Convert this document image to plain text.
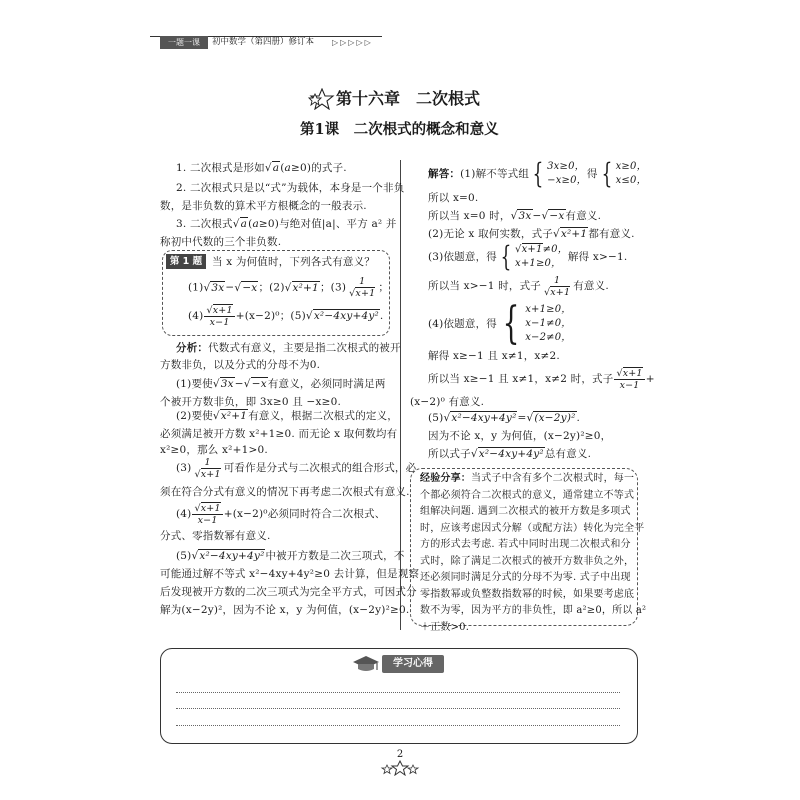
一题一课	初中数学（第四册）修订本 ▷▷▷▷▷
第十六章　二次根式
第1课　二次根式的概念和意义
1. 二次根式是形如√a(a≥0)的式子.
2. 二次根式只是以“式”为载体，本身是一个非负
数，是非负数的算术平方根概念的一般表示.
3. 二次根式√a(a≥0)与绝对值|a|、平方 a² 并
称初中代数的三个非负数.
第 1 题 当 x 为何值时，下列各式有意义？
(1)√3x−√−x；(2)√x²+1；$(3) \frac{1}{√x+1}$ ；
$(4) \frac{√x+1}{x-1} +(x-2)^0$；(5)√x²−4xy+4y².
分析：代数式有意义，主要是指二次根式的被开
方数非负，以及分式的分母不为0.
(1)要使√3x−√−x有意义，必须同时满足两
个被开方数非负，即 3x≥0 且 −x≥0.
(2)要使√x²+1有意义，根据二次根式的定义，
必须满足被开方数 x²+1≥0. 而无论 x 取何数均有
x²≥0，那么 x²+1>0.
$(3) \frac{1}{√x+1}$ 可看作是分式与二次根式的组合形式，必
须在符合分式有意义的情况下再考虑二次根式有意义.
$(4) \frac{√x+1}{x-1} +(x-2)^0$必须同时符合二次根式、
分式、零指数幂有意义.
(5)√x²−4xy+4y²中被开方数是二次三项式，不
可能通过解不等式 x²−4xy+4y²≥0 去计算，但是观察
后发现被开方数的二次三项式为完全平方式，可因式分
解为(x−2y)²，因为不论 x，y 为何值，(x−2y)²≥0.
解答：(1)解不等式组 { 3x≥0，
−x≥0，
得 { x≥0，
x≤0，
所以 x=0.
所以当 x=0 时，√3x−√−x有意义.
(2)无论 x 取何实数，式子√x²+1都有意义.
(3)依题意，得 { √x+1≠0，
x+1≥0，
解得 x>−1.
所以当 x>−1 时，式子 $\frac{1}{√x+1}$ 有意义.
(4)依题意，得 { x+1≥0，
x−1≠0，
x−2≠0，
解得 x≥−1 且 x≠1，x≠2.
所以当 x≥−1 且 x≠1，x≠2 时，式子 $\frac{√x+1}{x-1}$ +
(x−2)⁰ 有意义.
(5)√x²−4xy+4y²=√(x−2y)².
因为不论 x，y 为何值，(x−2y)²≥0，
所以式子√x²−4xy+4y²总有意义.
经验分享：当式子中含有多个二次根式时，每一
个都必须符合二次根式的意义，通常建立不等式
组解决问题. 遇到二次根式的被开方数是多项式
时，应该考虑因式分解（或配方法）转化为完全平
方的形式去考虑. 若式中同时出现二次根式和分
式时，除了满足二次根式的被开方数非负之外，
还必须同时满足分式的分母不为零. 式子中出现
零指数幂或负整数指数幂的时候，如果要考虑底
数不为零，因为平方的非负性，即 a²≥0，所以 a²
＋正数>0.
学习心得
2
